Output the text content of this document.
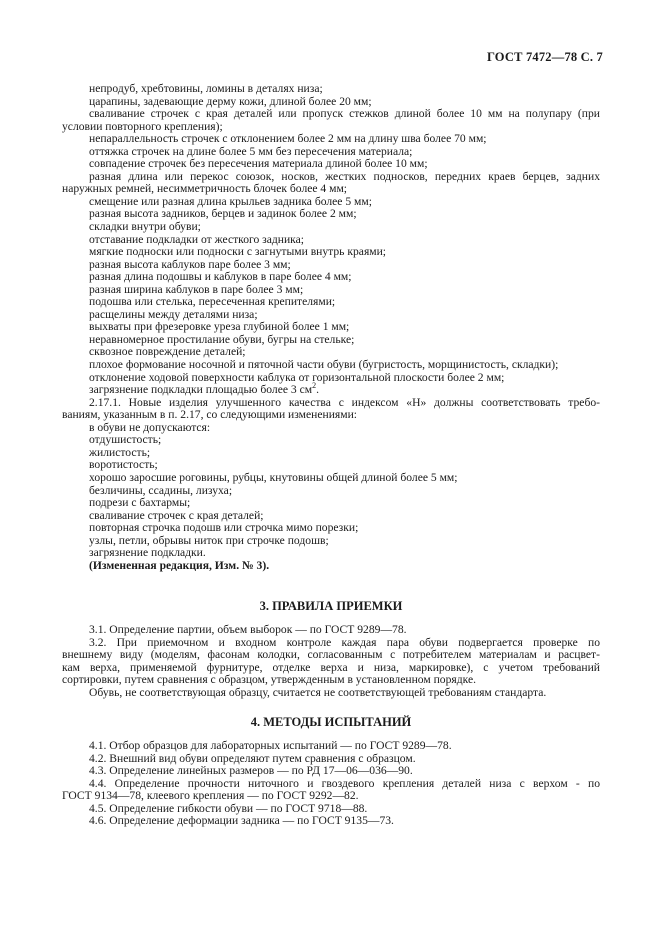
ГОСТ 7472—78 С. 7
непродуб, хребтовины, ломины в деталях низа;
царапины, задевающие дерму кожи, длиной более 20 мм;
сваливание строчек с края деталей или пропуск стежков длиной более 10 мм на полупару (при
условии повторного крепления);
непараллельность строчек с отклонением более 2 мм на длину шва более 70 мм;
оттяжка строчек на длине более 5 мм без пересечения материала;
совпадение строчек без пересечения материала длиной более 10 мм;
разная длина или перекос союзок, носков, жестких подносков, передних краев берцев, задних
наружных ремней, несимметричность блочек более 4 мм;
смещение или разная длина крыльев задника более 5 мм;
разная высота задников, берцев и задинок более 2 мм;
складки внутри обуви;
отставание подкладки от жесткого задника;
мягкие подноски или подноски с загнутыми внутрь краями;
разная высота каблуков паре более 3 мм;
разная длина подошвы и каблуков в паре более 4 мм;
разная ширина каблуков в паре более 3 мм;
подошва или стелька, пересеченная крепителями;
расщелины между деталями низа;
выхваты при фрезеровке уреза глубиной более 1 мм;
неравномерное простилание обуви, бугры на стельке;
сквозное повреждение деталей;
плохое формование носочной и пяточной части обуви (бугристость, морщинистость, складки);
отклонение ходовой поверхности каблука от горизонтальной плоскости более 2 мм;
загрязнение подкладки площадью более 3 $см^2$.
2.17.1. Новые изделия улучшенного качества с индексом «Н» должны соответствовать требо-
ваниям, указанным в п. 2.17, со следующими изменениями:
в обуви не допускаются:
отдушистость;
жилистость;
воротистость;
хорошо заросшие роговины, рубцы, кнутовины общей длиной более 5 мм;
безличины, ссадины, лизуха;
подрези с бахтармы;
сваливание строчек с края деталей;
повторная строчка подошв или строчка мимо порезки;
узлы, петли, обрывы ниток при строчке подошв;
загрязнение подкладки.
(Измененная редакция, Изм. № 3).
3. ПРАВИЛА ПРИЕМКИ
3.1. Определение партии, объем выборок — по ГОСТ 9289—78.
3.2. При приемочном и входном контроле каждая пара обуви подвергается проверке по
внешнему виду (моделям, фасонам колодки, согласованным с потребителем материалам и расцвет-
кам верха, применяемой фурнитуре, отделке верха и низа, маркировке), с учетом требований
сортировки, путем сравнения с образцом, утвержденным в установленном порядке.
Обувь, не соответствующая образцу, считается не соответствующей требованиям стандарта.
4. МЕТОДЫ ИСПЫТАНИЙ
4.1. Отбор образцов для лабораторных испытаний — по ГОСТ 9289—78.
4.2. Внешний вид обуви определяют путем сравнения с образцом.
4.3. Определение линейных размеров — по РД 17—06—036—90.
4.4. Определение прочности ниточного и гвоздевого крепления деталей низа с верхом - по
ГОСТ 9134—78, клеевого крепления — по ГОСТ 9292—82.
4.5. Определение гибкости обуви — по ГОСТ 9718—88.
4.6. Определение деформации задника — по ГОСТ 9135—73.
